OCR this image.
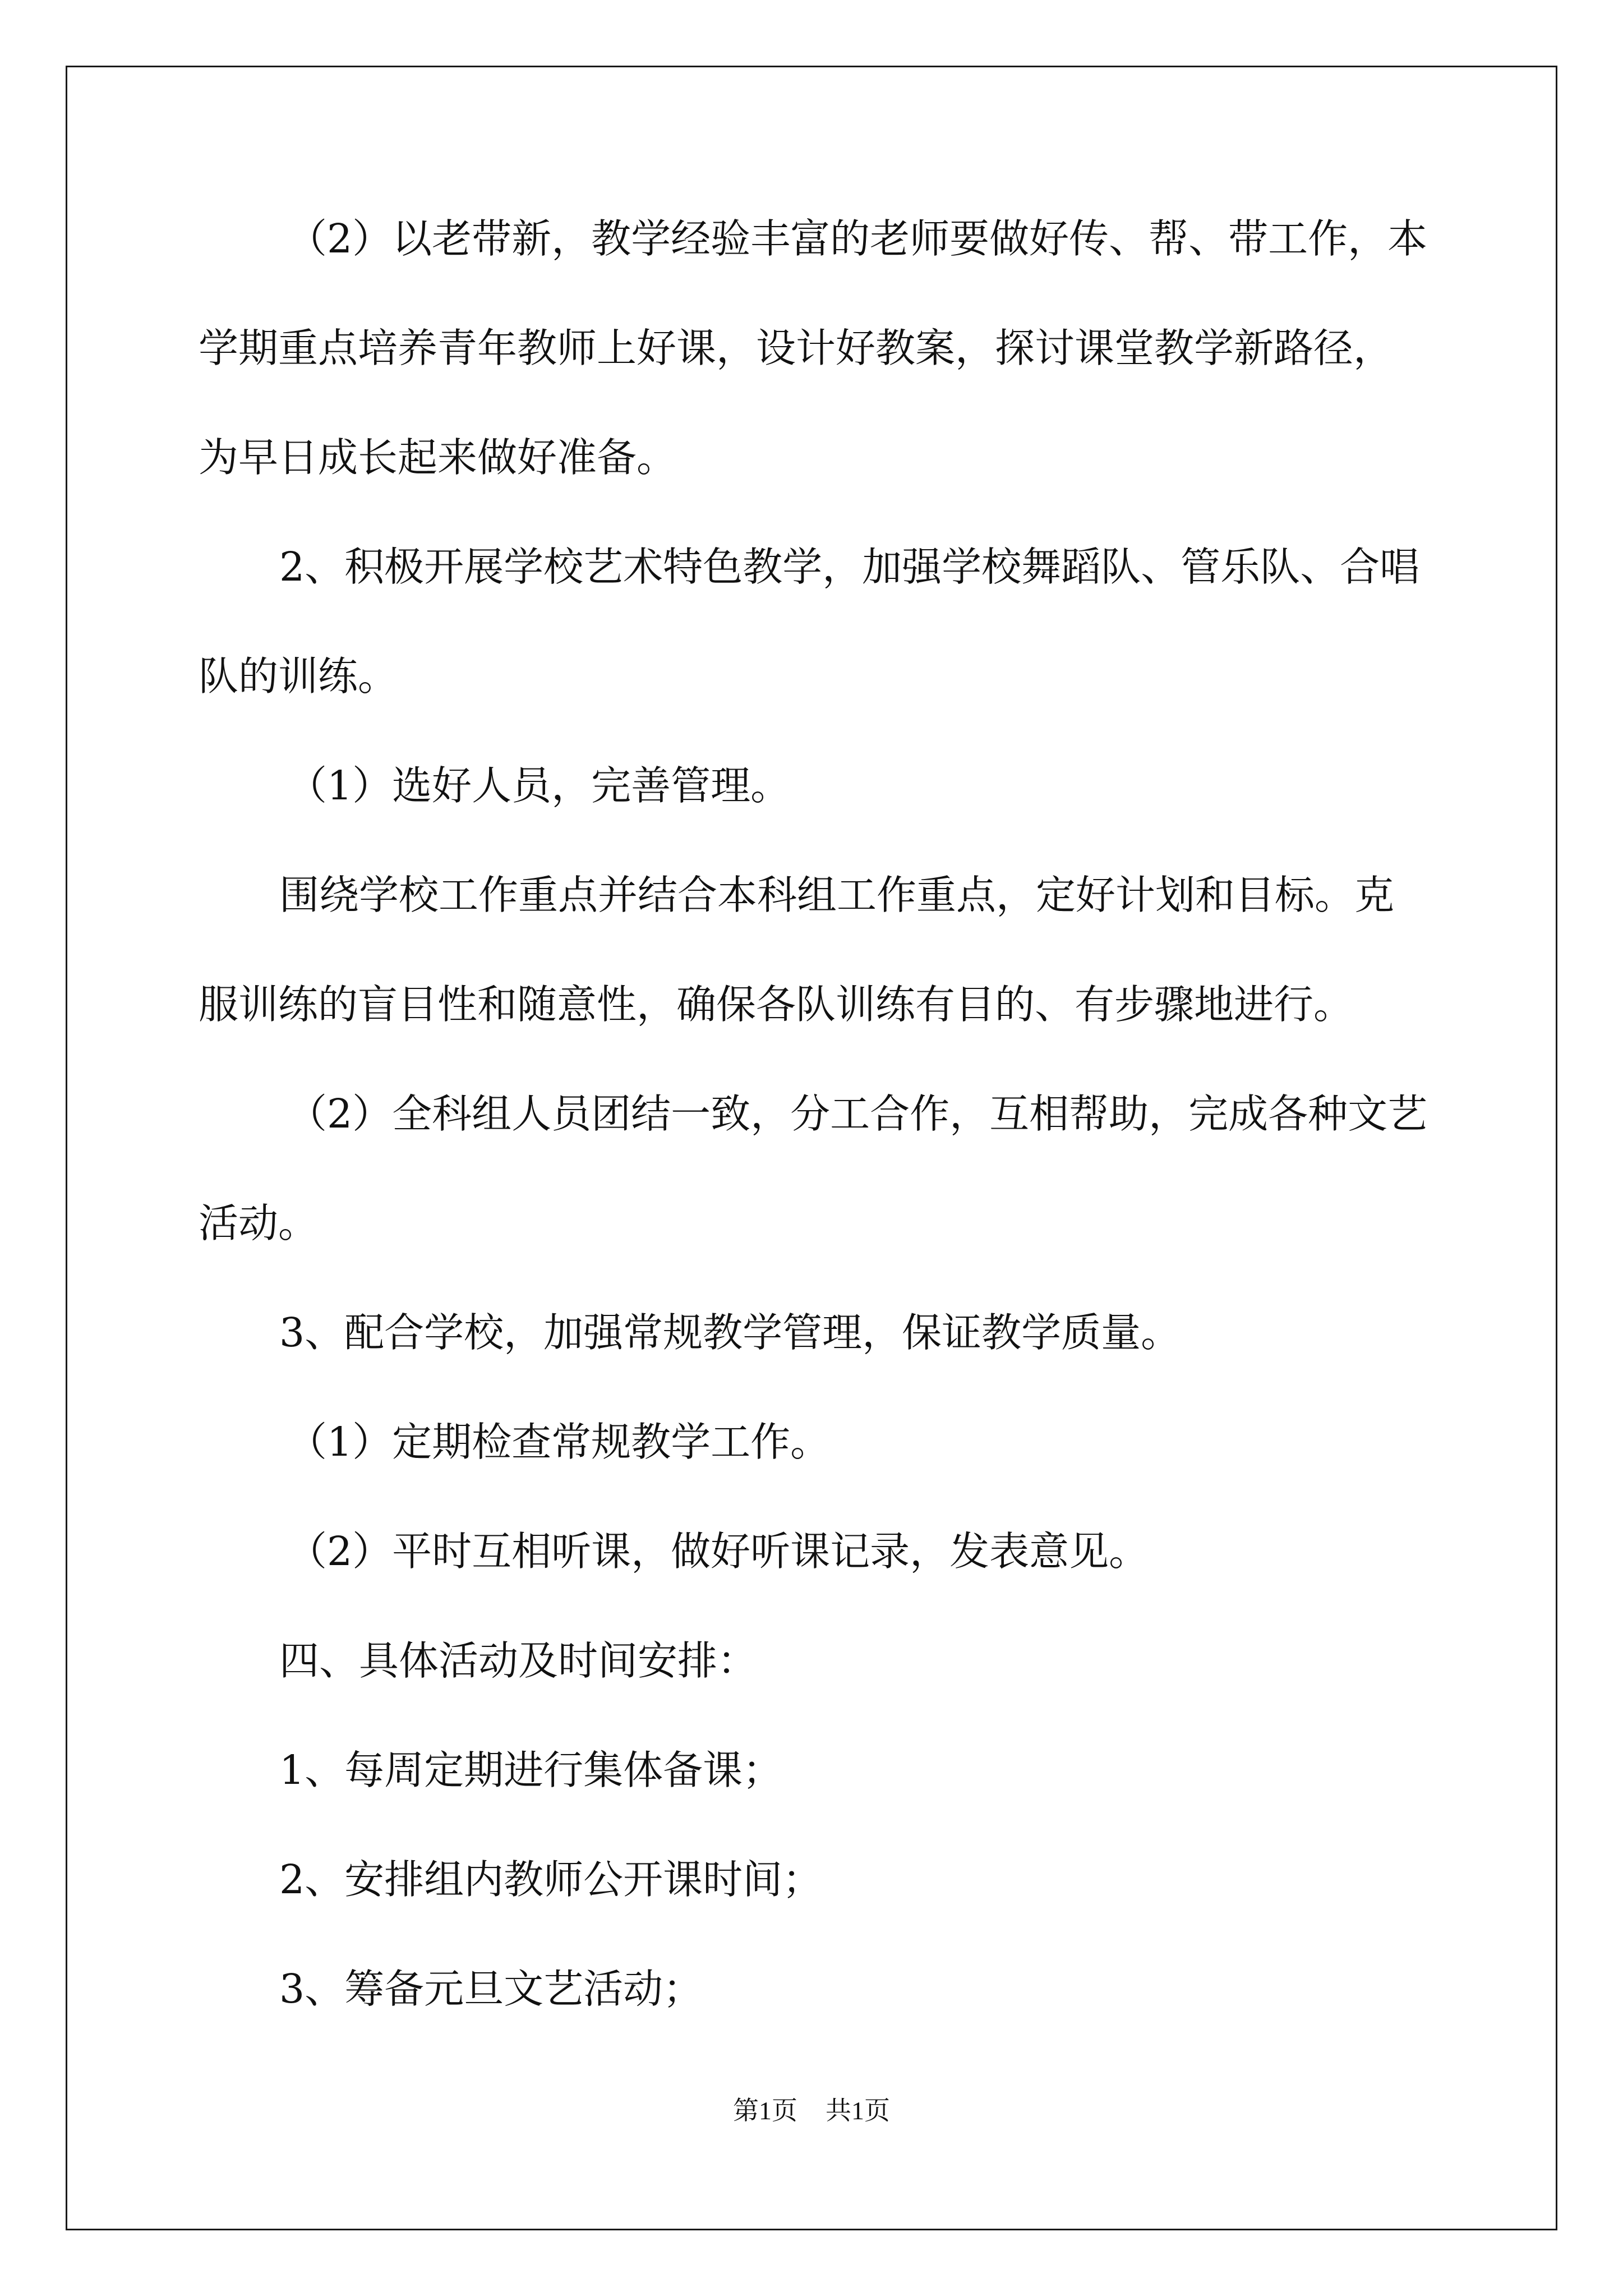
（2）以老带新，教学经验丰富的老师要做好传、帮、带工作，本
学期重点培养青年教师上好课，设计好教案，探讨课堂教学新路径，
为早日成长起来做好准备。
2、积极开展学校艺术特色教学，加强学校舞蹈队、管乐队、合唱
队的训练。
（1）选好人员，完善管理。
围绕学校工作重点并结合本科组工作重点，定好计划和目标。克
服训练的盲目性和随意性，确保各队训练有目的、有步骤地进行。
（2）全科组人员团结一致，分工合作，互相帮助，完成各种文艺
活动。
3、配合学校，加强常规教学管理，保证教学质量。
（1）定期检查常规教学工作。
（2）平时互相听课，做好听课记录，发表意见。
四、具体活动及时间安排：
1、每周定期进行集体备课；
2、安排组内教师公开课时间；
3、筹备元旦文艺活动；
第1页 共1页
